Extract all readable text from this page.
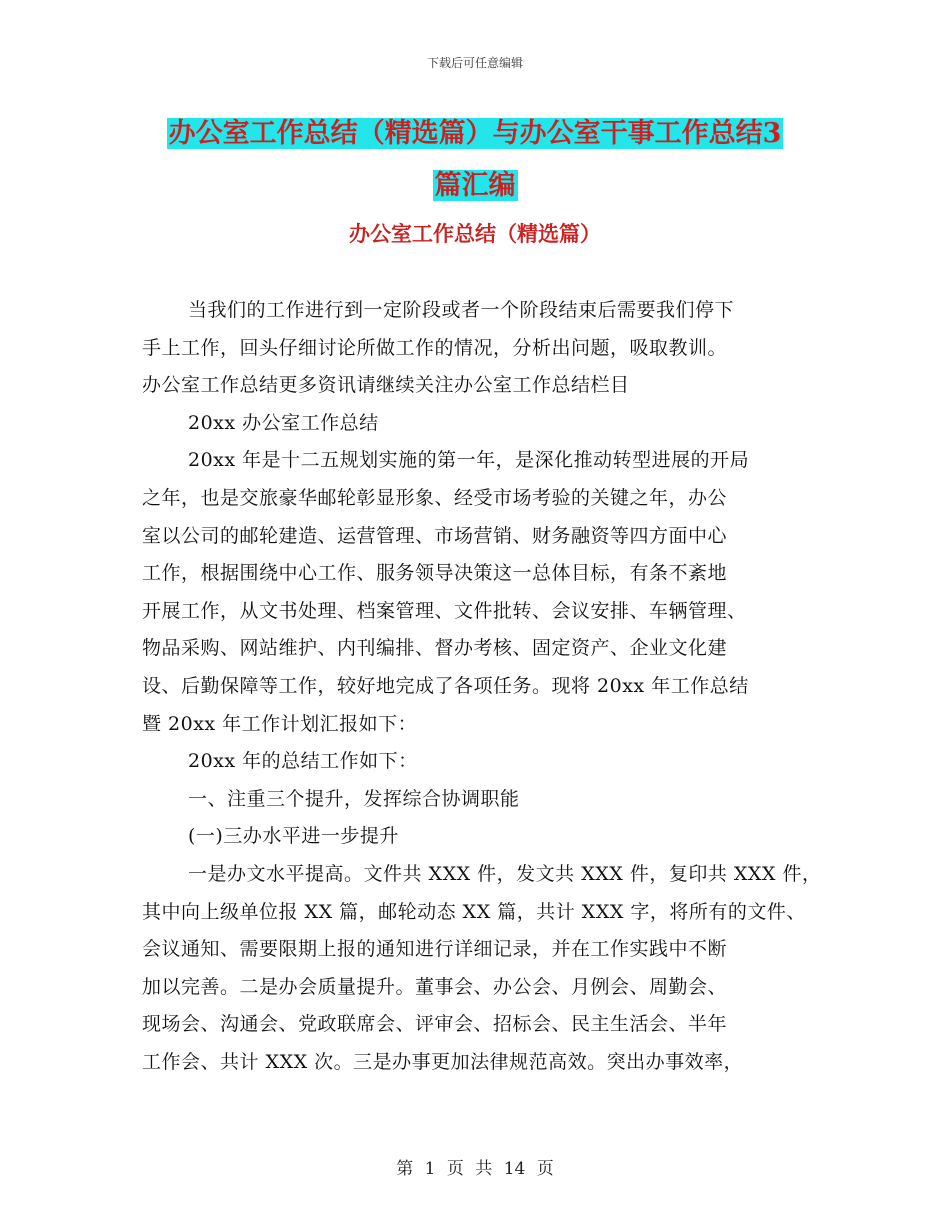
下载后可任意编辑
办公室工作总结（精选篇）与办公室干事工作总结3
篇汇编
办公室工作总结（精选篇）
当我们的工作进行到一定阶段或者一个阶段结束后需要我们停下
手上工作，回头仔细讨论所做工作的情况，分析出问题，吸取教训。
办公室工作总结更多资讯请继续关注办公室工作总结栏目
20xx 办公室工作总结
20xx 年是十二五规划实施的第一年，是深化推动转型进展的开局
之年，也是交旅豪华邮轮彰显形象、经受市场考验的关键之年，办公
室以公司的邮轮建造、运营管理、市场营销、财务融资等四方面中心
工作，根据围绕中心工作、服务领导决策这一总体目标，有条不紊地
开展工作，从文书处理、档案管理、文件批转、会议安排、车辆管理、
物品采购、网站维护、内刊编排、督办考核、固定资产、企业文化建
设、后勤保障等工作，较好地完成了各项任务。现将 20xx 年工作总结
暨 20xx 年工作计划汇报如下：
20xx 年的总结工作如下：
一、注重三个提升，发挥综合协调职能
(一)三办水平进一步提升
一是办文水平提高。文件共 XXX 件，发文共 XXX 件，复印共 XXX 件，
其中向上级单位报 XX 篇，邮轮动态 XX 篇，共计 XXX 字，将所有的文件、
会议通知、需要限期上报的通知进行详细记录，并在工作实践中不断
加以完善。二是办会质量提升。董事会、办公会、月例会、周勤会、
现场会、沟通会、党政联席会、评审会、招标会、民主生活会、半年
工作会、共计 XXX 次。三是办事更加法律规范高效。突出办事效率，
第 1 页 共 14 页
